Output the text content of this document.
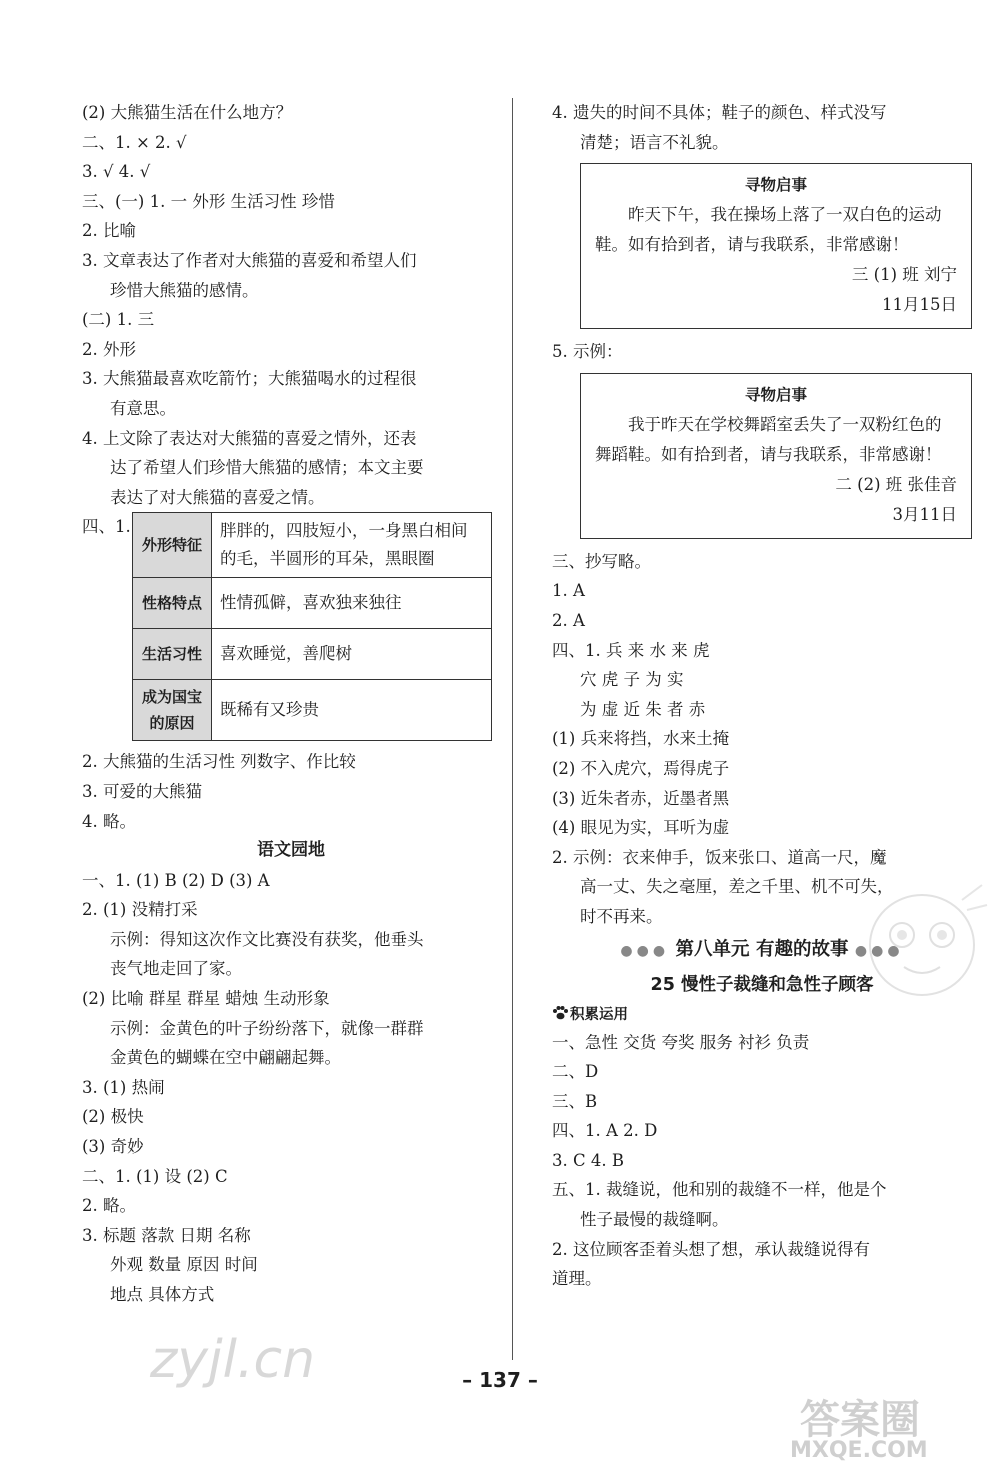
(2) 大熊猫生活在什么地方？
二、1. × 2. √
3. √ 4. √
三、(一) 1. 一 外形 生活习性 珍惜
2. 比喻
3. 文章表达了作者对大熊猫的喜爱和希望人们
珍惜大熊猫的感情。
(二) 1. 三
2. 外形
3. 大熊猫最喜欢吃箭竹；大熊猫喝水的过程很
有意思。
4. 上文除了表达对大熊猫的喜爱之情外，还表
达了希望人们珍惜大熊猫的感情；本文主要
表达了对大熊猫的喜爱之情。
四、1.
外形特征	胖胖的，四肢短小，一身黑白相间的毛，半圆形的耳朵，黑眼圈
性格特点	性情孤僻，喜欢独来独往
生活习性	喜欢睡觉，善爬树
成为国宝的原因	既稀有又珍贵
2. 大熊猫的生活习性 列数字、作比较
3. 可爱的大熊猫
4. 略。
语文园地
一、1. (1) B (2) D (3) A
2. (1) 没精打采
示例：得知这次作文比赛没有获奖，他垂头
丧气地走回了家。
(2) 比喻 群星 群星 蜡烛 生动形象
示例：金黄色的叶子纷纷落下，就像一群群
金黄色的蝴蝶在空中翩翩起舞。
3. (1) 热闹
(2) 极快
(3) 奇妙
二、1. (1) 设 (2) C
2. 略。
3. 标题 落款 日期 名称
外观 数量 原因 时间
地点 具体方式
4. 遗失的时间不具体；鞋子的颜色、样式没写
清楚；语言不礼貌。
寻物启事
昨天下午，我在操场上落了一双白色的运动鞋。如有拾到者，请与我联系，非常感谢！
三 (1) 班 刘宁
11月15日
5. 示例：
寻物启事
我于昨天在学校舞蹈室丢失了一双粉红色的舞蹈鞋。如有拾到者，请与我联系，非常感谢！
二 (2) 班 张佳音
3月11日
三、抄写略。
1. A
2. A
四、1. 兵 来 水 来 虎
穴 虎 子 为 实
为 虚 近 朱 者 赤
(1) 兵来将挡，水来土掩
(2) 不入虎穴，焉得虎子
(3) 近朱者赤，近墨者黑
(4) 眼见为实，耳听为虚
2. 示例：衣来伸手，饭来张口、道高一尺，魔
高一丈、失之毫厘，差之千里、机不可失，
时不再来。
●●● 第八单元 有趣的故事 ●●●
25 慢性子裁缝和急性子顾客
积累运用
一、急性 交货 夸奖 服务 衬衫 负责
二、D
三、B
四、1. A 2. D
3. C 4. B
五、1. 裁缝说，他和别的裁缝不一样，他是个
性子最慢的裁缝啊。
2. 这位顾客歪着头想了想，承认裁缝说得有
道理。
– 137 –
zyjl.cn
答案圈
MXQE.COM
